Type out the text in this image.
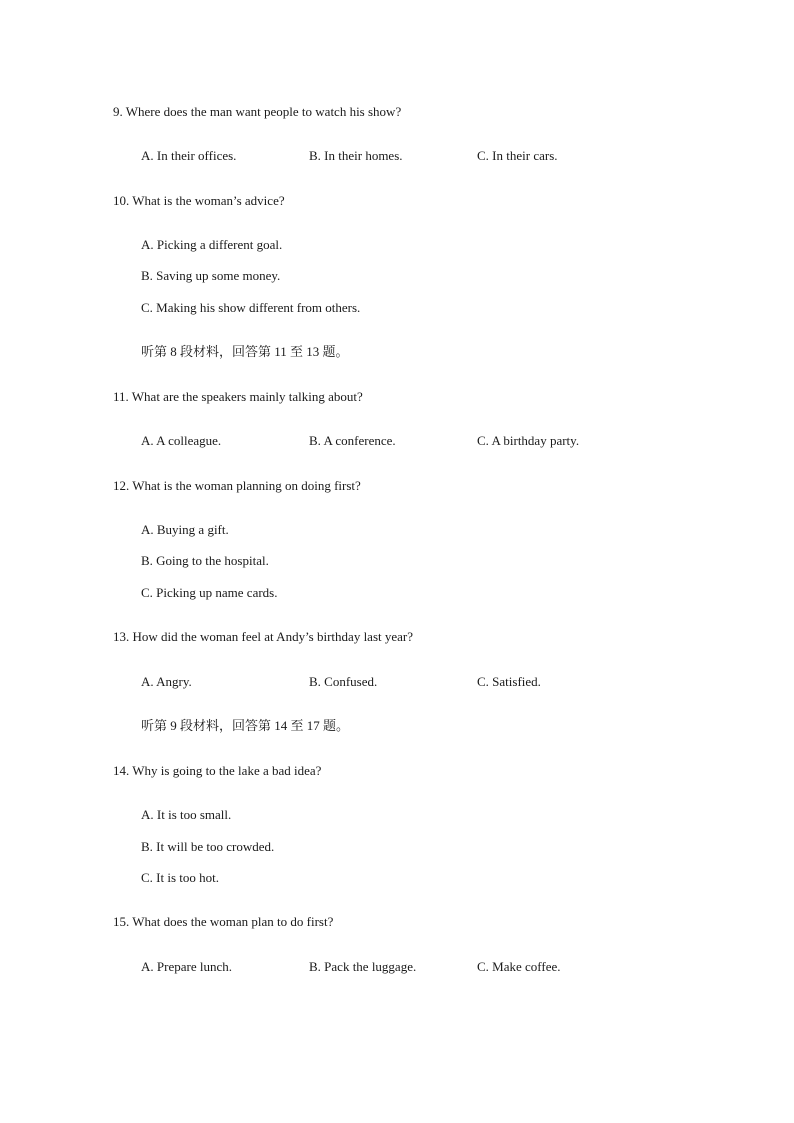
9. Where does the man want people to watch his show?
A. In their offices.	B. In their homes.	C. In their cars.
10. What is the woman’s advice?
A. Picking a different goal.
B. Saving up some money.
C. Making his show different from others.
听第 8 段材料，回答第 11 至 13 题。
11. What are the speakers mainly talking about?
A. A colleague.	B. A conference.	C. A birthday party.
12. What is the woman planning on doing first?
A. Buying a gift.
B. Going to the hospital.
C. Picking up name cards.
13. How did the woman feel at Andy’s birthday last year?
A. Angry.	B. Confused.	C. Satisfied.
听第 9 段材料，回答第 14 至 17 题。
14. Why is going to the lake a bad idea?
A. It is too small.
B. It will be too crowded.
C. It is too hot.
15. What does the woman plan to do first?
A. Prepare lunch.	B. Pack the luggage.	C. Make coffee.
